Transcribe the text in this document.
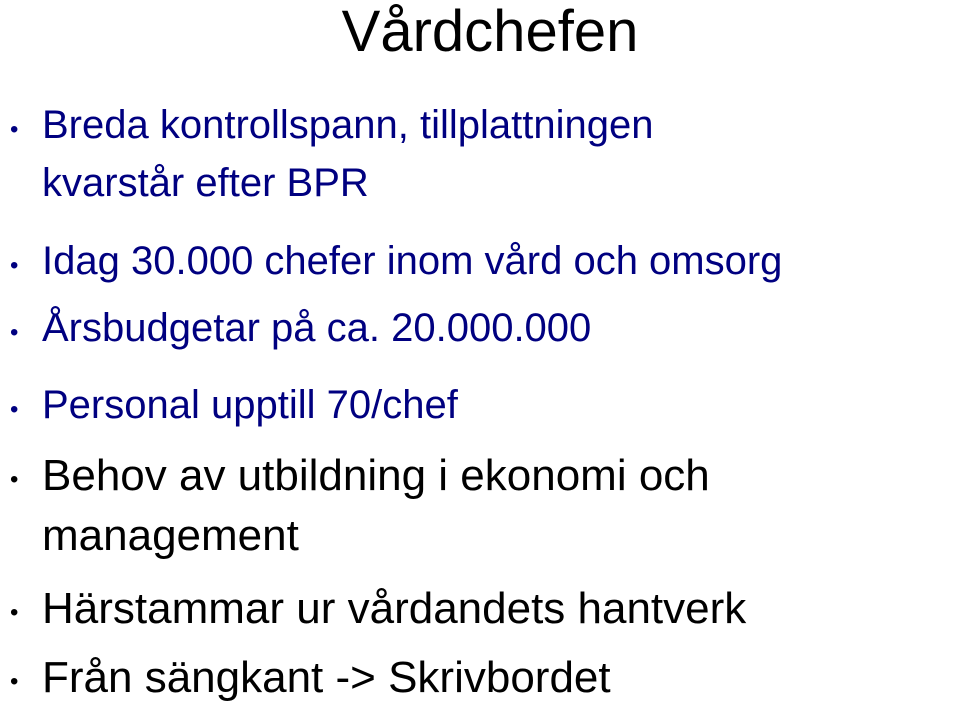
Vårdchefen
• Breda kontrollspann, tillplattningen
kvarstår efter BPR
• Idag 30.000 chefer inom vård och omsorg
• Årsbudgetar på ca. 20.000.000
• Personal upptill 70/chef
• Behov av utbildning i ekonomi och
management
• Härstammar ur vårdandets hantverk
• Från sängkant -> Skrivbordet
